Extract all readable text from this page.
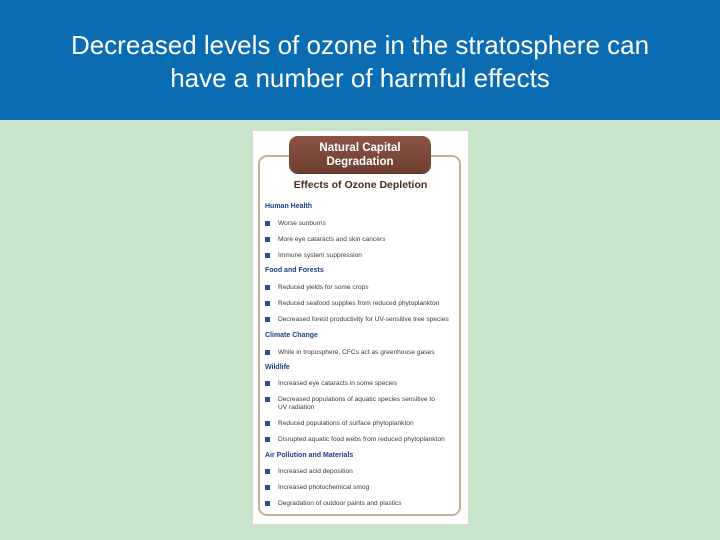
Decreased levels of ozone in the stratosphere can
have a number of harmful effects
Natural Capital
Degradation
Effects of Ozone Depletion
Human Health
Worse sunburns
More eye cataracts and skin cancers
Immune system suppression
Food and Forests
Reduced yields for some crops
Reduced seafood supplies from reduced phytoplankton
Decreased forest productivity for UV-sensitive tree species
Climate Change
While in troposphere, CFCs act as greenhouse gases
Wildlife
Increased eye cataracts in some species
Decreased populations of aquatic species sensitive to UV radiation
Reduced populations of surface phytoplankton
Disrupted aquatic food webs from reduced phytoplankton
Air Pollution and Materials
Increased acid deposition
Increased photochemical smog
Degradation of outdoor paints and plastics
